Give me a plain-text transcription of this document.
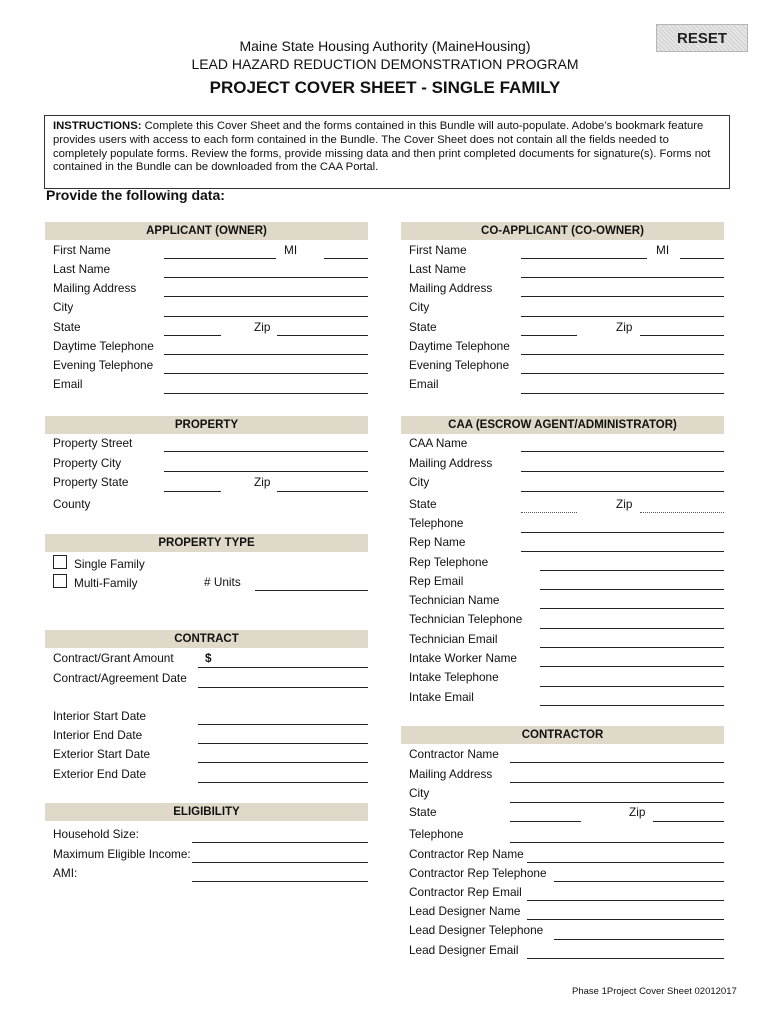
RESET
Maine State Housing Authority (MaineHousing)
LEAD HAZARD REDUCTION DEMONSTRATION PROGRAM
PROJECT COVER SHEET - SINGLE FAMILY
INSTRUCTIONS: Complete this Cover Sheet and the forms contained in this Bundle will auto-populate. Adobe’s bookmark feature provides users with access to each form contained in the Bundle. The Cover Sheet does not contain all the fields needed to completely populate forms. Review the forms, provide missing data and then print completed documents for signature(s). Forms not contained in the Bundle can be downloaded from the CAA Portal.
Provide the following data:
APPLICANT (OWNER)
First Name	MI
Last Name
Mailing Address
City
State	Zip
Daytime Telephone
Evening Telephone
Email
CO-APPLICANT (CO-OWNER)
First Name	MI
Last Name
Mailing Address
City
State	Zip
Daytime Telephone
Evening Telephone
Email
PROPERTY
Property Street
Property City
Property State	Zip
County
CAA (ESCROW AGENT/ADMINISTRATOR)
CAA Name
Mailing Address
City
State	Zip
Telephone
Rep Name
Rep Telephone
Rep Email
Technician Name
Technician Telephone
Technician Email
Intake Worker Name
Intake Telephone
Intake Email
PROPERTY TYPE
Single Family
Multi-Family	# Units
CONTRACT
Contract/Grant Amount	$
Contract/Agreement Date
Interior Start Date
Interior End Date
Exterior Start Date
Exterior End Date
CONTRACTOR
Contractor Name
Mailing Address
City
State	Zip
Telephone
Contractor Rep Name
Contractor Rep Telephone
Contractor Rep Email
Lead Designer Name
Lead Designer Telephone
Lead Designer Email
ELIGIBILITY
Household Size:
Maximum Eligible Income:
AMI:
Phase 1Project Cover Sheet 02012017
